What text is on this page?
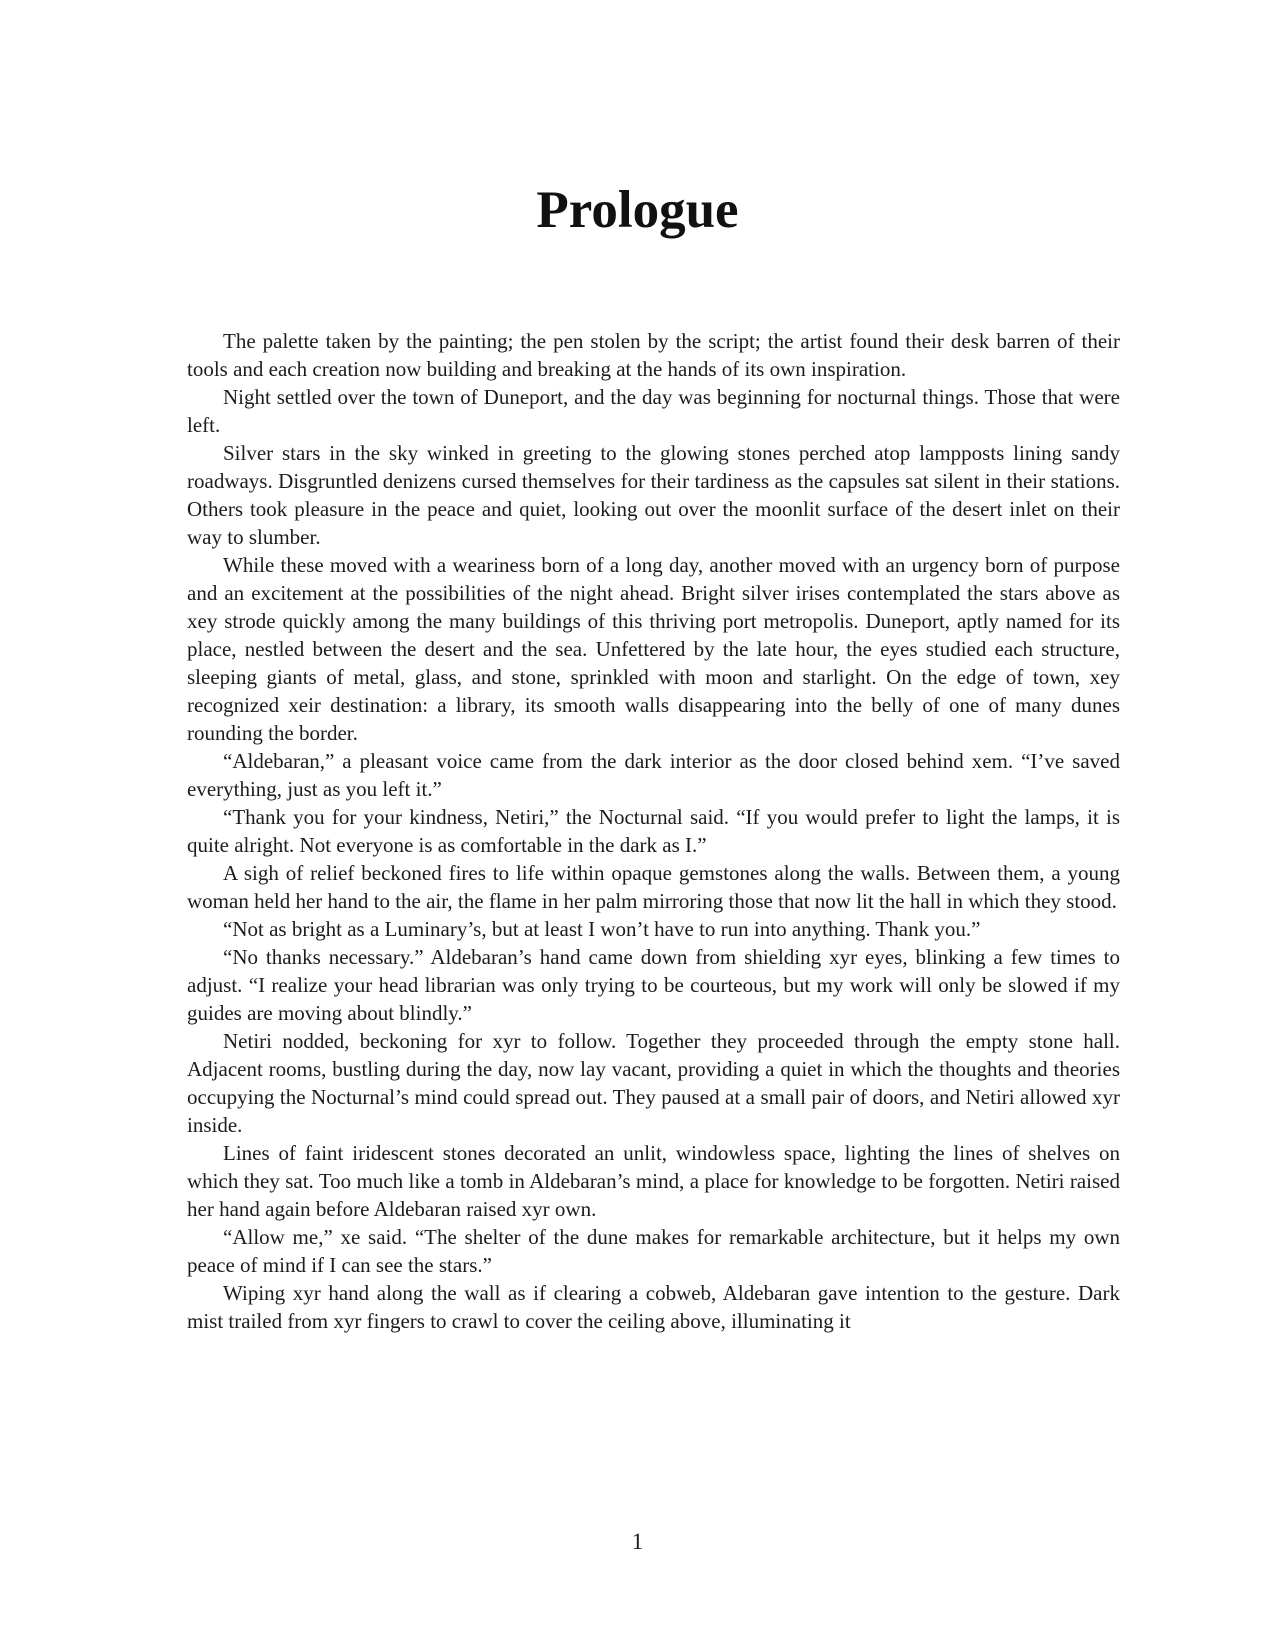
Prologue

The palette taken by the painting; the pen stolen by the script; the artist found their desk barren of their tools and each creation now building and breaking at the hands of its own inspiration.

Night settled over the town of Duneport, and the day was beginning for nocturnal things. Those that were left.

Silver stars in the sky winked in greeting to the glowing stones perched atop lampposts lining sandy roadways. Disgruntled denizens cursed themselves for their tardiness as the capsules sat silent in their stations. Others took pleasure in the peace and quiet, looking out over the moonlit surface of the desert inlet on their way to slumber.

While these moved with a weariness born of a long day, another moved with an urgency born of purpose and an excitement at the possibilities of the night ahead. Bright silver irises contemplated the stars above as xey strode quickly among the many buildings of this thriving port metropolis. Duneport, aptly named for its place, nestled between the desert and the sea. Unfettered by the late hour, the eyes studied each structure, sleeping giants of metal, glass, and stone, sprinkled with moon and starlight. On the edge of town, xey recognized xeir destination: a library, its smooth walls disappearing into the belly of one of many dunes rounding the border.

“Aldebaran,” a pleasant voice came from the dark interior as the door closed behind xem. “I’ve saved everything, just as you left it.”

“Thank you for your kindness, Netiri,” the Nocturnal said. “If you would prefer to light the lamps, it is quite alright. Not everyone is as comfortable in the dark as I.”

A sigh of relief beckoned fires to life within opaque gemstones along the walls. Between them, a young woman held her hand to the air, the flame in her palm mirroring those that now lit the hall in which they stood.

“Not as bright as a Luminary’s, but at least I won’t have to run into anything. Thank you.”

“No thanks necessary.” Aldebaran’s hand came down from shielding xyr eyes, blinking a few times to adjust. “I realize your head librarian was only trying to be courteous, but my work will only be slowed if my guides are moving about blindly.”

Netiri nodded, beckoning for xyr to follow. Together they proceeded through the empty stone hall. Adjacent rooms, bustling during the day, now lay vacant, providing a quiet in which the thoughts and theories occupying the Nocturnal’s mind could spread out. They paused at a small pair of doors, and Netiri allowed xyr inside.

Lines of faint iridescent stones decorated an unlit, windowless space, lighting the lines of shelves on which they sat. Too much like a tomb in Aldebaran’s mind, a place for knowledge to be forgotten. Netiri raised her hand again before Aldebaran raised xyr own.

“Allow me,” xe said. “The shelter of the dune makes for remarkable architecture, but it helps my own peace of mind if I can see the stars.”

Wiping xyr hand along the wall as if clearing a cobweb, Aldebaran gave intention to the gesture. Dark mist trailed from xyr fingers to crawl to cover the ceiling above, illuminating it

1
